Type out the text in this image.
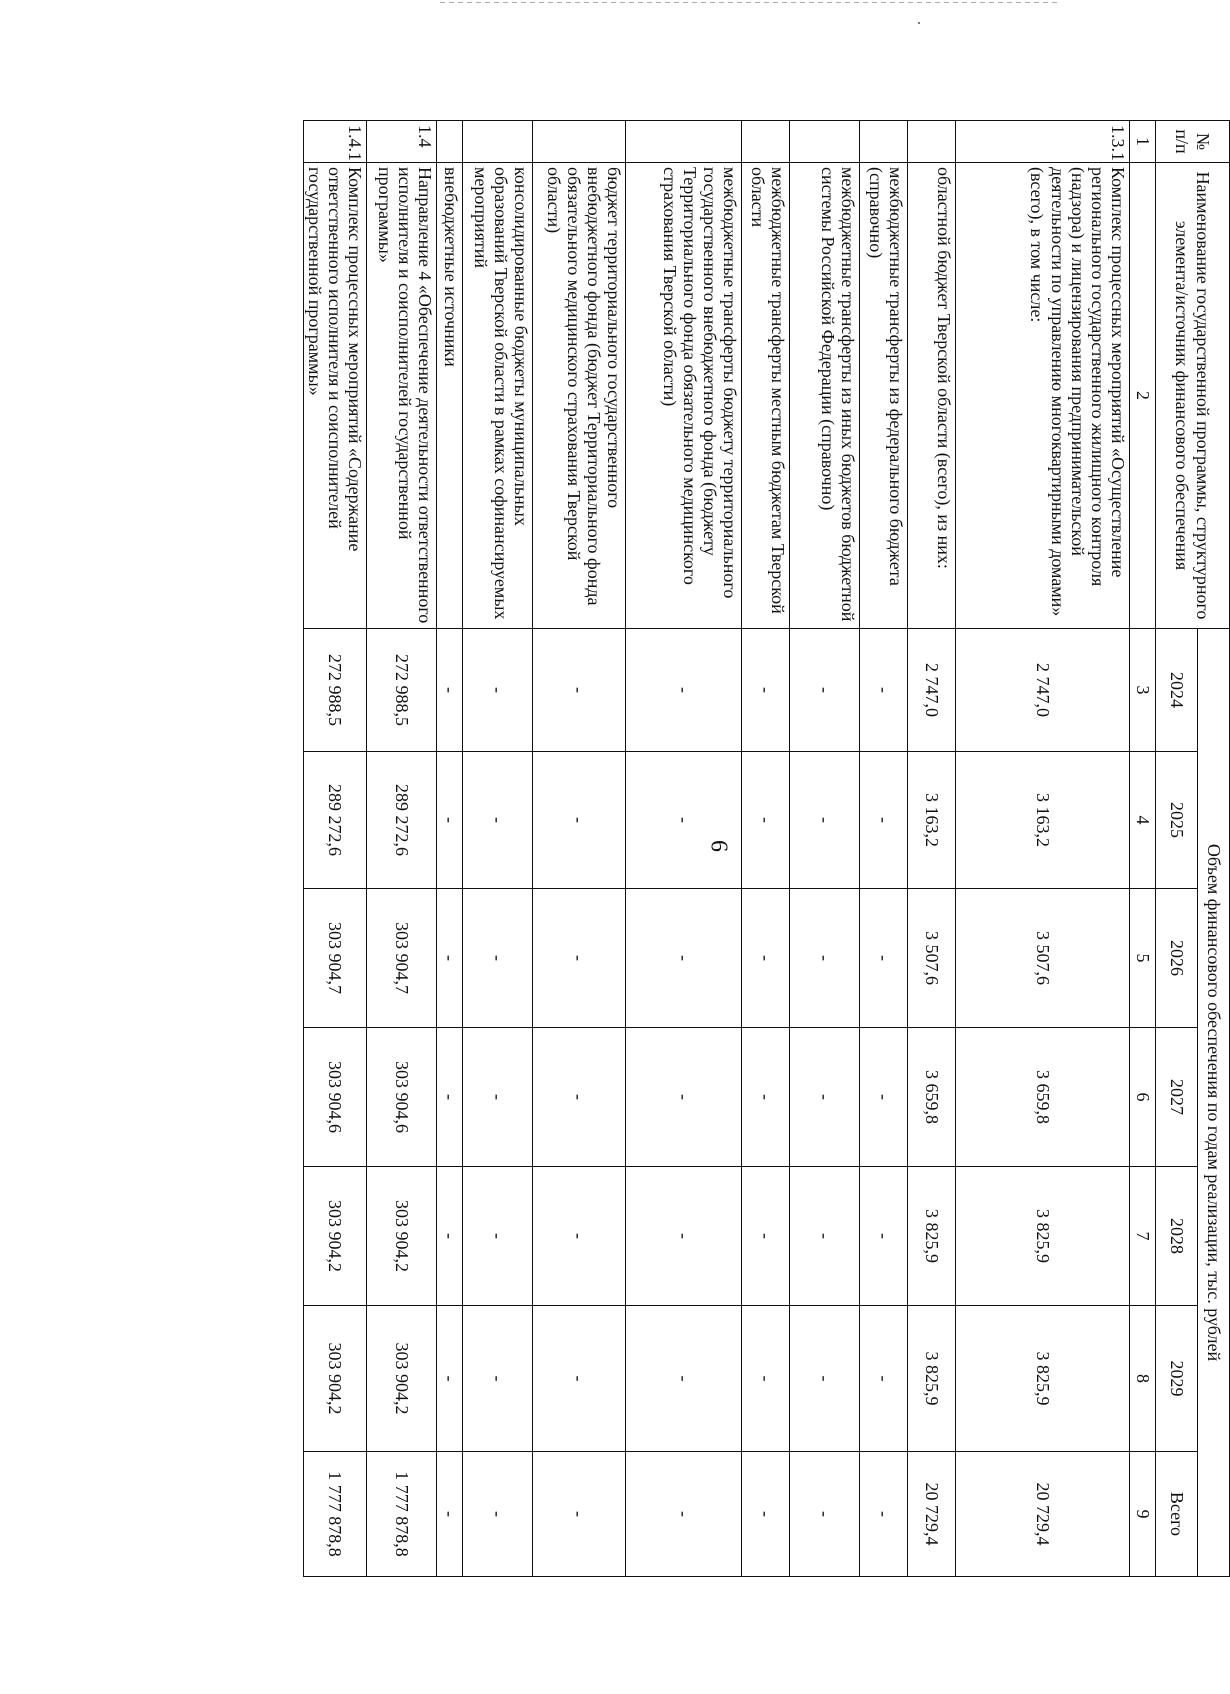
6
№ п/п	Наименование государственной программы, структурного элемента/источник финансового обеспечения	Объем финансового обеспечения по годам реализации, тыс. рублей						
		2024	2025	2026	2027	2028	2029	Всего
1	2	3	4	5	6	7	8	9
1.3.1	Комплекс процессных мероприятий «Осуществление регионального государственного жилищного контроля (надзора) и лицензирования предпринимательской деятельности по управлению многоквартирными домами» (всего), в том числе:	2 747,0	3 163,2	3 507,6	3 659,8	3 825,9	3 825,9	20 729,4
	областной бюджет Тверской области (всего), из них:	2 747,0	3 163,2	3 507,6	3 659,8	3 825,9	3 825,9	20 729,4
	межбюджетные трансферты из федерального бюджета (справочно)	-	-	-	-	-	-	-
	межбюджетные трансферты из иных бюджетов бюджетной системы Российской Федерации (справочно)	-	-	-	-	-	-	-
	межбюджетные трансферты местным бюджетам Тверской области	-	-	-	-	-	-	-
	межбюджетные трансферты бюджету территориального государственного внебюджетного фонда (бюджету Территориального фонда обязательного медицинского страхования Тверской области)	-	-	-	-	-	-	-
	бюджет территориального государственного внебюджетного фонда (бюджет Территориального фонда обязательного медицинского страхования Тверской области)	-	-	-	-	-	-	-
	консолидированные бюджеты муниципальных образований Тверской области в рамках софинансируемых мероприятий	-	-	-	-	-	-	-
	внебюджетные источники	-	-	-	-	-	-	-
1.4	Направление 4 «Обеспечение деятельности ответственного исполнителя и соисполнителей государственной программы»	272 988,5	289 272,6	303 904,7	303 904,6	303 904,2	303 904,2	1 777 878,8
1.4.1	Комплекс процессных мероприятий «Содержание ответственного исполнителя и соисполнителей государственной программы»	272 988,5	289 272,6	303 904,7	303 904,6	303 904,2	303 904,2	1 777 878,8
